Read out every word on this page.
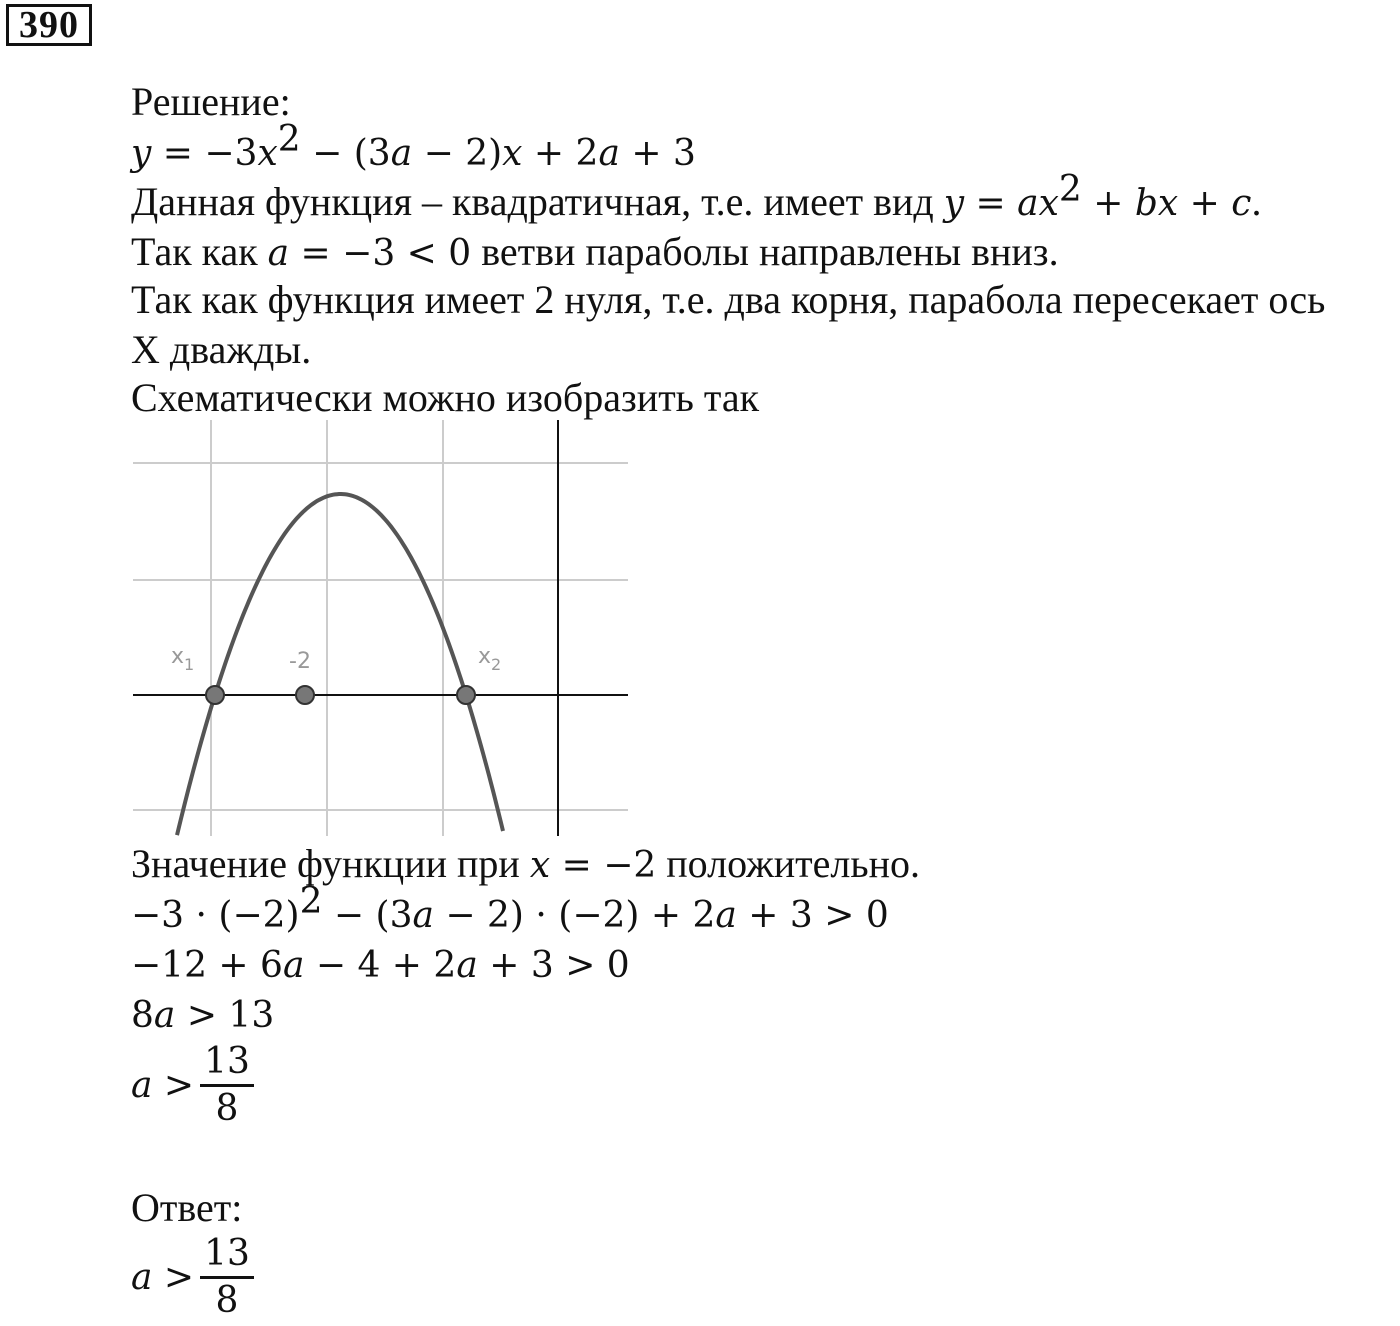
390
Решение:
$y = -3x^2 - (3a - 2)x + 2a + 3$
Данная функция – квадратичная, т.е. имеет вид $y = ax^2$ + bx + c.
Так как a = −3 < 0 ветви параболы направлены вниз.
Так как функция имеет 2 нуля, т.е. два корня, парабола пересекает ось
X дважды.
Схематически можно изобразить так
$x_1$	-2	$x_2$
Значение функции при x = −2 положительно.
$-3 \cdot (-2)^2 - (3a - 2) \cdot (-2) + 2a + 3 > 0$
−12 + 6a − 4 + 2a + 3 > 0
8a > 13
$a > \frac{13}{8}$
Ответ:
$a > \frac{13}{8}$
